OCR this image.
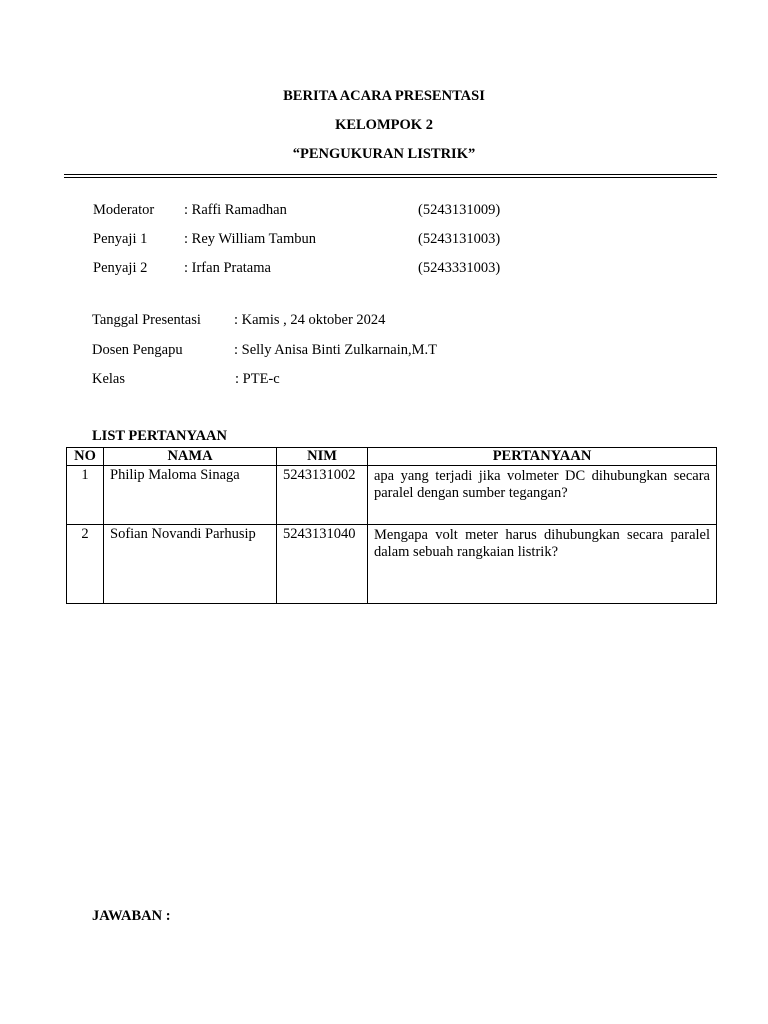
BERITA ACARA PRESENTASI
KELOMPOK 2
“PENGUKURAN LISTRIK”
Moderator : Raffi Ramadhan	(5243131009)
Penyaji 1	: Rey William Tambun	(5243131003)
Penyaji 2	: Irfan Pratama	(5243331003)
Tanggal Presentasi : Kamis , 24 oktober 2024
Dosen Pengapu	: Selly Anisa Binti Zulkarnain,M.T
Kelas	: PTE-c
LIST PERTANYAAN
NO	NAMA	NIM	PERTANYAAN
1	Philip Maloma Sinaga	5243131002	apa yang terjadi jika volmeter DC dihubungkan secara paralel dengan sumber tegangan?
2	Sofian Novandi Parhusip	5243131040	Mengapa volt meter harus dihubungkan secara paralel dalam sebuah rangkaian listrik?
JAWABAN :
